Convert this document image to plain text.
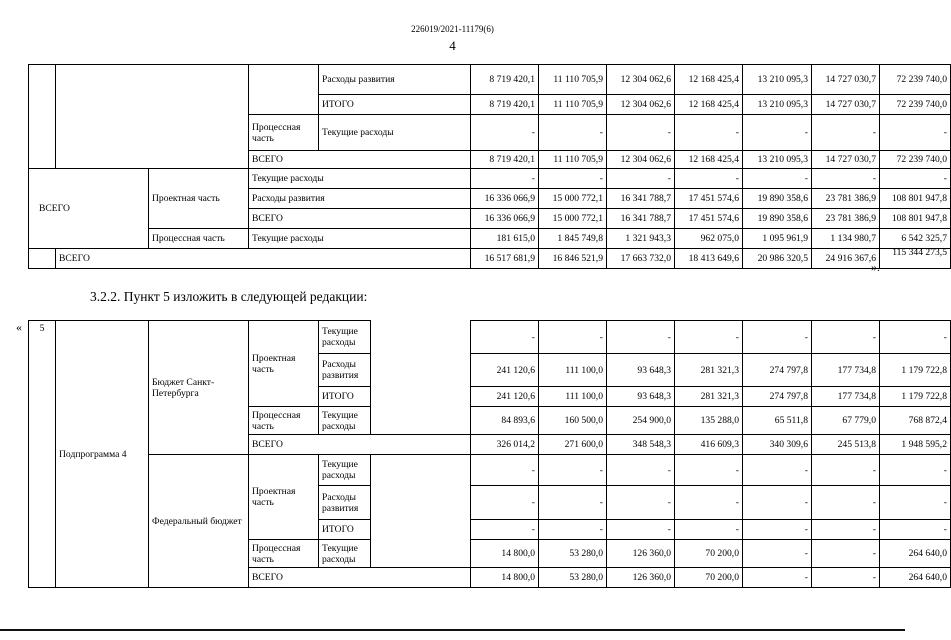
226019/2021-11179(6)
4
				Расходы развития	8 719 420,1	11 110 705,9	12 304 062,6	12 168 425,4	13 210 095,3	14 727 030,7	72 239 740,0
				ИТОГО	8 719 420,1	11 110 705,9	12 304 062,6	12 168 425,4	13 210 095,3	14 727 030,7	72 239 740,0
			Процессная часть	Текущие расходы	-	-	-	-	-	-	-
			ВСЕГО		8 719 420,1	11 110 705,9	12 304 062,6	12 168 425,4	13 210 095,3	14 727 030,7	72 239 740,0
ВСЕГО		Проектная часть	Текущие расходы		-	-	-	-	-	-	-
			Расходы развития		16 336 066,9	15 000 772,1	16 341 788,7	17 451 574,6	19 890 358,6	23 781 386,9	108 801 947,8
			ВСЕГО		16 336 066,9	15 000 772,1	16 341 788,7	17 451 574,6	19 890 358,6	23 781 386,9	108 801 947,8
		Процессная часть	Текущие расходы		181 615,0	1 845 749,8	1 321 943,3	962 075,0	1 095 961,9	1 134 980,7	6 542 325,7
	ВСЕГО				16 517 681,9	16 846 521,9	17 663 732,0	18 413 649,6	20 986 320,5	24 916 367,6	115 344 273,5
».
3.2.2. Пункт 5 изложить в следующей редакции:
« 5	Подпрограмма 4	Бюджет Санкт-Петербурга	Проектная часть	Текущие расходы		-	-	-	-	-	-	-
				Расходы развития		241 120,6	111 100,0	93 648,3	281 321,3	274 797,8	177 734,8	1 179 722,8
				ИТОГО		241 120,6	111 100,0	93 648,3	281 321,3	274 797,8	177 734,8	1 179 722,8
			Процессная часть	Текущие расходы		84 893,6	160 500,0	254 900,0	135 288,0	65 511,8	67 779,0	768 872,4
			ВСЕГО			326 014,2	271 600,0	348 548,3	416 609,3	340 309,6	245 513,8	1 948 595,2
		Федеральный бюджет	Проектная часть	Текущие расходы		-	-	-	-	-	-	-
				Расходы развития		-	-	-	-	-	-	-
				ИТОГО		-	-	-	-	-	-	-
			Процессная часть	Текущие расходы		14 800,0	53 280,0	126 360,0	70 200,0	-	-	264 640,0
			ВСЕГО			14 800,0	53 280,0	126 360,0	70 200,0	-	-	264 640,0
